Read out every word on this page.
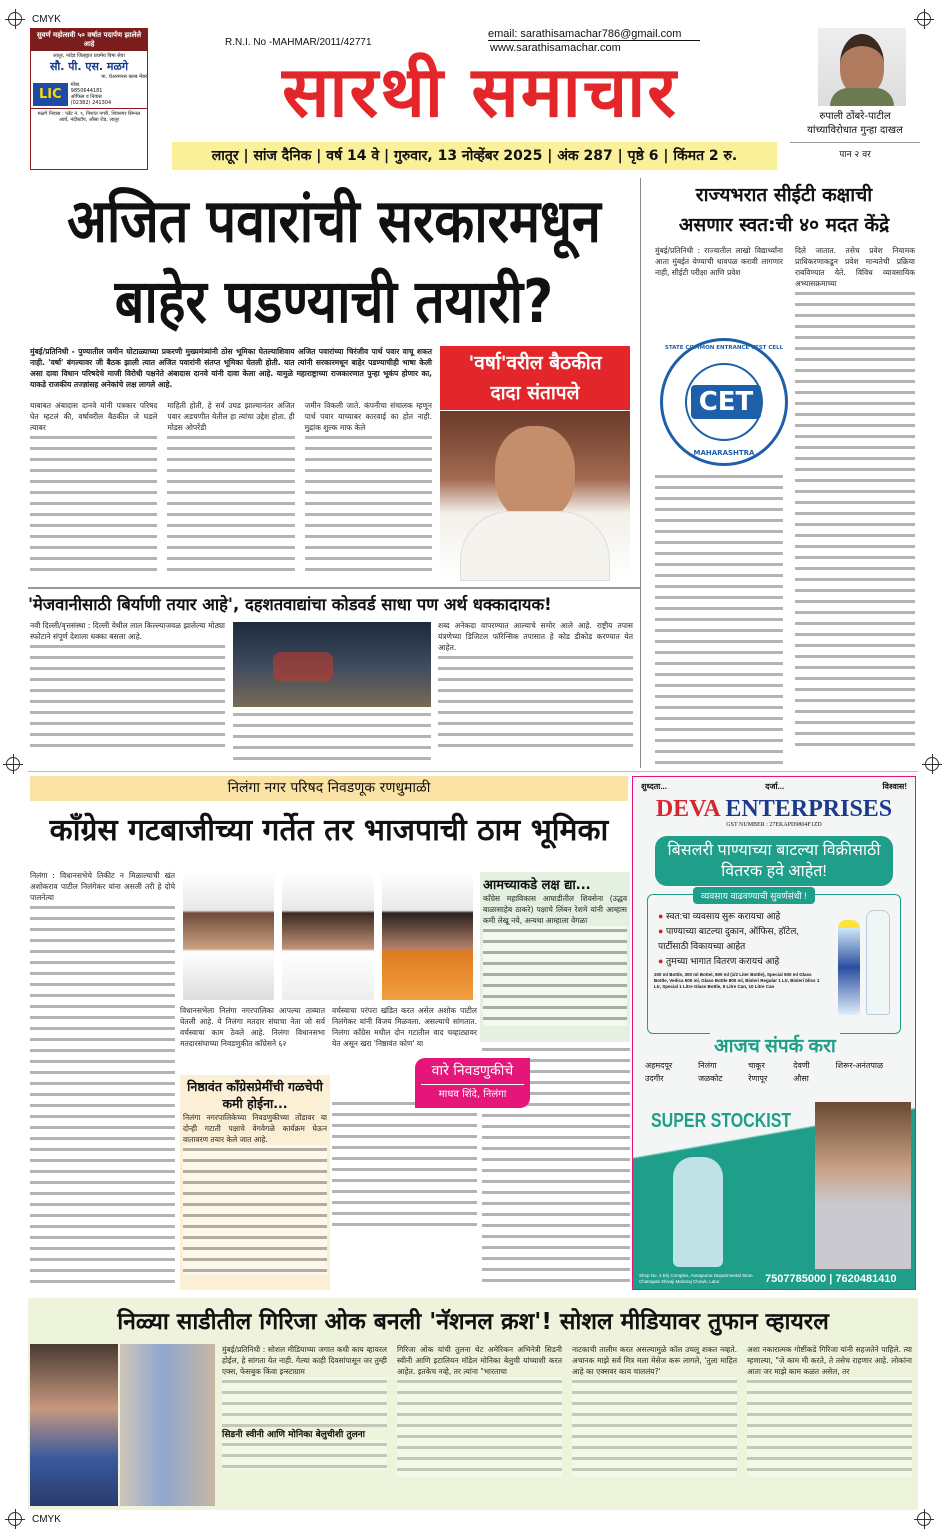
CMYK
CMYK
सुवर्ण महोत्सवी ५० वर्षात पदार्पण झालेले आहे
लातूर, नांदेड जिल्ह्यात प्रथमेय विमा सेवा
सौ. पी. एस. मळगे
मा. चेअरमनस क्लब मेंबर
LIC
मोबा.
9850644181
ऑफिस व निवास
(02382) 241304
मळगे निवास : प्लॅट नं. ९, निशांत नगरी, शिवनगर सिग्नल आर्च, नंदीस्टॉप, औसा रोड, लातूर
R.N.I. No -MAHMAR/2011/42771
email: sarathisamachar786@gmail.com
www.sarathisamachar.com
सारथी समाचार
लातूर | सांज दैनिक | वर्ष 14 वे | गुरुवार, 13 नोव्हेंबर 2025 | अंक 287 | पृष्ठे 6 | किंमत 2 रु.
रुपाली ठोंबरे-पाटील
यांच्याविरोधात गुन्हा दाखल
पान २ वर
अजित पवारांची सरकारमधून
बाहेर पडण्याची तयारी?
मुंबई/प्रतिनिधी - पुण्यातील जमीन घोटाळ्याच्या प्रकरणी मुख्यमंत्र्यांनी ठोस भूमिका घेतल्याशिवाय अजित पवारांच्या चिरंजीव पार्थ पवार वाचू शकत नाही. 'वर्षा' बंगल्यावर जी बैठक झाली त्यात अजित पवारांनी संतप्त भूमिका घेतली होती. यात त्यांनी सरकारमधून बाहेर पडण्याचीही भाषा केली असा दावा विधान परिषदेचे माजी विरोधी पक्षनेते अंबादास दानवे यांनी दावा केला आहे. यामुळे महाराष्ट्राच्या राजकारणात पुन्हा भूकंप होणार का, याकडे राजकीय तज्ज्ञांसह अनेकांचे लक्ष लागले आहे.
याबाबत अंबादास दानवे यांनी पत्रकार परिषद घेत म्हटलं की, वर्षावरील बैठकीत जे घडले त्याबर
माहिती होती, हे सर्व उघड झाल्यानंतर अजित पवार अडचणीत येतील हा त्यांचा उद्देश होता. ही मोडस ओपरेंडी
जमीन विकली जाते. कंपनीचा संचालक म्हणून पार्थ पवार याच्याबर कारवाई का होत नाही. मुद्रांक शुल्क माफ केले
'वर्षा'वरील बैठकीत
दादा संतापले
राज्यभरात सीईटी कक्षाची
असणार स्वत:ची ४० मदत केंद्रे
मुंबई/प्रतिनिधी : राज्यातील लाखो विद्यार्थ्यांना आता मुंबईत येण्याची धावपळ करावी लागणार नाही, सीईटी परीक्षा आणि प्रवेश
दिले जातात. तसेच प्रवेश नियामक प्राधिकरणाकडून प्रवेश मान्यतेची प्रक्रिया राबविण्यात येते. विविध व्यावसायिक अभ्यासक्रमाच्या
CET
STATE COMMON ENTRANCE TEST CELL
MAHARASHTRA
'मेजवानीसाठी बिर्याणी तयार आहे', दहशतवाद्यांचा कोडवर्ड साधा पण अर्थ धक्कादायक!
नवी दिल्ली/वृत्तसंस्था : दिल्ली येथील लाल किल्ल्याजवळ झालेल्या मोठ्या स्फोटाने संपूर्ण देशाला धक्का बसला आहे.
शब्द अनेकदा वापरण्यात आल्याचे समोर आले आहे. राष्ट्रीय तपास यंत्रणेच्या डिजिटल फॉरेन्सिक तपासात हे कोड डीकोड करण्यात येत आहेत.
निलंगा नगर परिषद निवडणूक रणधुमाळी
काँग्रेस गटबाजीच्या गर्तेत तर भाजपाची ठाम भूमिका
निलंगा : विधानसभेचे तिकीट न मिळाल्याची खंत अशोकराव पाटील निलंगेकर यांना असली तरी हे दोघे पालनेत्या
विधानसभेला निलंगा नगरपालिका आपल्या ताब्यात घेतली आहे. ये निलंगा मतदार संघाचा नेता जो सर्व वर्चस्वाचा काम ठेवले आहे. निलंगा विधानसभा मतदारसंघाच्या निवडणुकीत काँग्रेसने ६२
वर्चस्वाचा परंपरा खंडित करत असेल अशोक पाटील निलंगेकर यांनी विजय मिळवला. असल्याचे सांगतात. निलंगा काँग्रेस मधील दोन गटातील वाद चव्हाट्यावर येत असून खरा 'निष्ठावंत कोण' या
आमच्याकडे लक्ष द्या...
काँग्रेस महाविकास आघाडीतील शिवसेना (उद्धव बाळासाहेब ठाकरे) पक्षाचे लिंबन रेशमे यांनी आम्हास कमी लेखू नये, अन्यथा आम्हाला वेगळा
वारे निवडणुकीचे
माधव शिंदे, निलंगा
निष्ठावंत काँग्रेसप्रेमींची गळचेपी कमी होईना...
निलंगा नगरपालिकेच्या निवडणुकीच्या तोंडावर या दोन्ही गटाती पक्षाचे वेगवेगळे कार्यक्रम घेऊन वातावरण तयार केले जात आहे.
शुध्दता...	दर्जा...	विश्वास!
DEVA ENTERPRISES
GST NUMBER : 27EKAPD9804F1ZD
बिसलरी पाण्याच्या बाटल्या विक्रीसाठी वितरक हवे आहेत!
व्यवसाय वाढवण्याची सुवर्णसंधी !
● स्वत:चा व्यवसाय सुरू करायचा आहे
● पाण्याच्या बाटल्या दुकान, ऑफिस, हॉटेल, पार्टीसाठी विकायच्या आहेत
● तुमच्या भागात वितरण करायचं आहे
200 ml Bottle, 300 ml Bottel, 500 ml (1/2 Liter Bottle), Special 500 ml Glass Bottle, Vedica 500 ml, Glass Bottle 800 ml, Bisleri Regular 1 Ltr, Bisleri bliss 1 Ltr, Special 1 Litre Glass Bottle, 5 Litre Can, 10 Litre Can
आजच संपर्क करा
अहमदपूर	निलंगा	चाकूर	देवणी	शिरूर-अनंतपाळ
उदगीर	जळकोट	रेणापूर	औसा
SUPER STOCKIST
Shop No. 4 Brij Complex, Annapurna Departmental Store Chatrapati Shivaji Maharaj Chowk, Latur	7507785000 | 7620481410
निळ्या साडीतील गिरिजा ओक बनली 'नॅशनल क्रश'! सोशल मीडियावर तुफान व्हायरल
मुंबई/प्रतिनिधी : सोशल मीडियाच्या जगात कधी काय व्हायरल होईल, हे सांगता येत नाही. गेल्या काही दिवसांपासून जर तुम्ही एक्स, फेसबुक किंवा इन्स्टाग्राम
सिडनी स्वीनी आणि मोनिका बेलुचीशी तुलना
गिरिजा ओक यांची तुलना थेट अमेरिकन अभिनेत्री सिडनी स्वीनी आणि इटालियन मॉडेल मोनिका बेलुची यांच्याशी करत आहेत. इतकेच नव्हे, तर त्यांना "भारताचा
नाटकाची तालीम करत असल्यामुळे कॉल उचलू शकत नव्हते. अचानक माझे सर्व मित्र मला मेसेज करू लागले, 'तुला माहित आहे का एक्सवर काय चाललंय?'
अशा नकारात्मक गोष्टींकडे गिरिजा यांनी सहजतेने पाहिले. त्या म्हणाल्या, "जे काम मी करते, ते तसेच राहणार आहे. लोकांना आता जर माझे काम कळत असेल, तर
